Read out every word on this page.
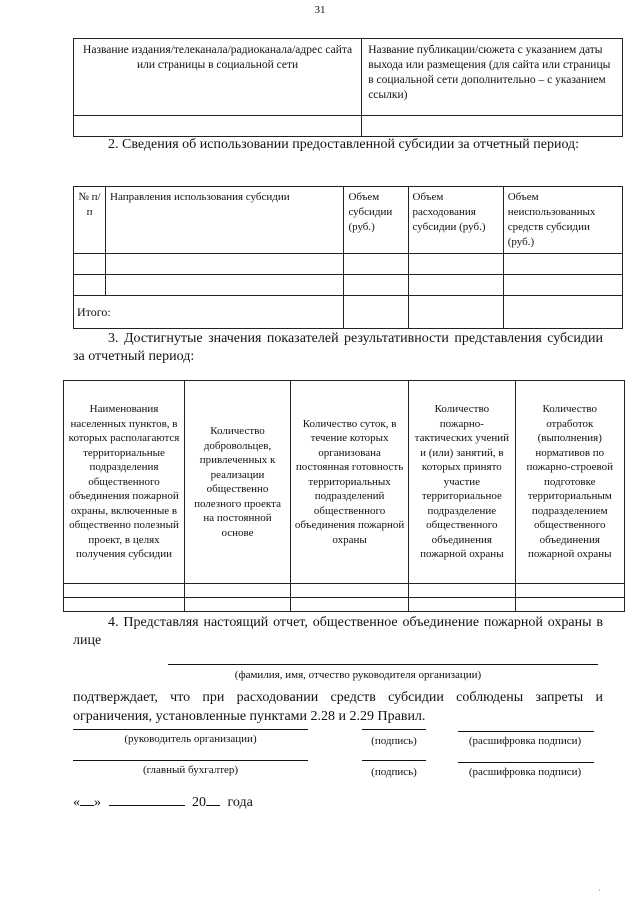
31
Название издания/телеканала/радиоканала/адрес сайта или страницы в социальной сети	Название публикации/сюжета с указанием даты выхода или размещения (для сайта или страницы в социальной сети дополнительно – с указанием ссылки)

2. Сведения об использовании предоставленной субсидии за отчетный период:
№ п/п	Направления использования субсидии	Объем субсидии (руб.)	Объем расходования субсидии (руб.)	Объем неиспользованных средств субсидии (руб.)

Итого:				
3. Достигнутые значения показателей результативности представления субсидии за отчетный период:
Наименования населенных пунктов, в которых располагаются территориальные подразделения общественного объединения пожарной охраны, включенные в общественно полезный проект, в целях получения субсидии	Количество добровольцев, привлеченных к реализации общественно полезного проекта на постоянной основе	Количество суток, в течение которых организована постоянная готовность территориальных подразделений общественного объединения пожарной охраны	Количество пожарно-тактических учений и (или) занятий, в которых принято участие территориальное подразделение общественного объединения пожарной охраны	Количество отработок (выполнения) нормативов по пожарно-строевой подготовке территориальным подразделением общественного объединения пожарной охраны

4. Представляя настоящий отчет, общественное объединение пожарной охраны в лице
(фамилия, имя, отчество руководителя организации)
подтверждает, что при расходовании средств субсидии соблюдены запреты и ограничения, установленные пунктами 2.28 и 2.29 Правил.
(руководитель организации)	(подпись)	(расшифровка подписи)
(главный бухгалтер)	(подпись)	(расшифровка подписи)
« »	20 года
·
